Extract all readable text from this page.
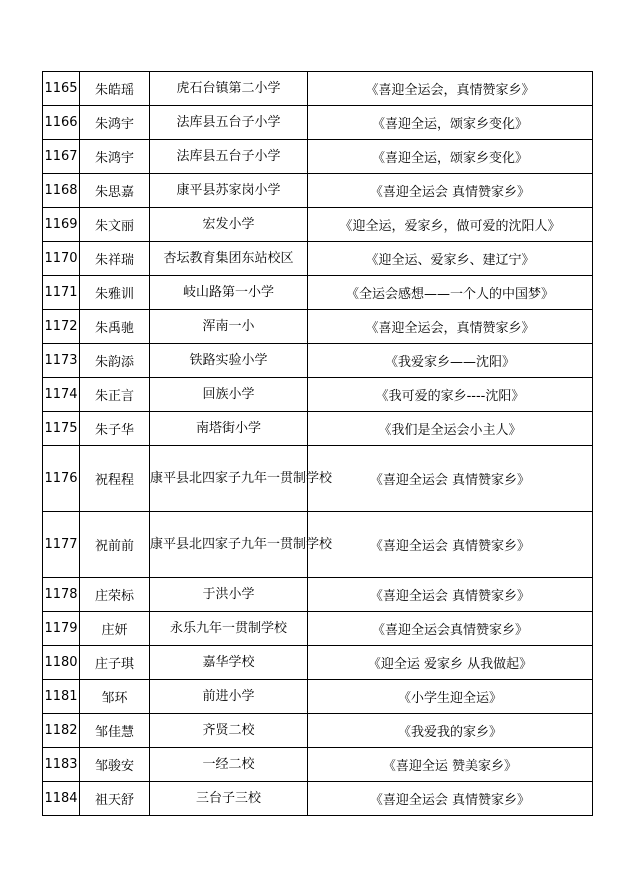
1165	朱皓瑶	虎石台镇第二小学	《喜迎全运会，真情赞家乡》
1166	朱鸿宇	法库县五台子小学	《喜迎全运，颂家乡变化》
1167	朱鸿宇	法库县五台子小学	《喜迎全运，颂家乡变化》
1168	朱思嘉	康平县苏家岗小学	《喜迎全运会 真情赞家乡》
1169	朱文丽	宏发小学	《迎全运，爱家乡，做可爱的沈阳人》
1170	朱祥瑞	杏坛教育集团东站校区	《迎全运、爱家乡、建辽宁》
1171	朱雅训	岐山路第一小学	《全运会感想——一个人的中国梦》
1172	朱禹驰	浑南一小	《喜迎全运会，真情赞家乡》
1173	朱韵添	铁路实验小学	《我爱家乡——沈阳》
1174	朱正言	回族小学	《我可爱的家乡----沈阳》
1175	朱子华	南塔街小学	《我们是全运会小主人》
1176	祝程程	康平县北四家子九年一贯制学校	《喜迎全运会 真情赞家乡》
1177	祝前前	康平县北四家子九年一贯制学校	《喜迎全运会 真情赞家乡》
1178	庄荣标	于洪小学	《喜迎全运会 真情赞家乡》
1179	庄妍	永乐九年一贯制学校	《喜迎全运会真情赞家乡》
1180	庄子琪	嘉华学校	《迎全运 爱家乡 从我做起》
1181	邹环	前进小学	《小学生迎全运》
1182	邹佳慧	齐贤二校	《我爱我的家乡》
1183	邹骏安	一经二校	《喜迎全运 赞美家乡》
1184	祖天舒	三台子三校	《喜迎全运会 真情赞家乡》
